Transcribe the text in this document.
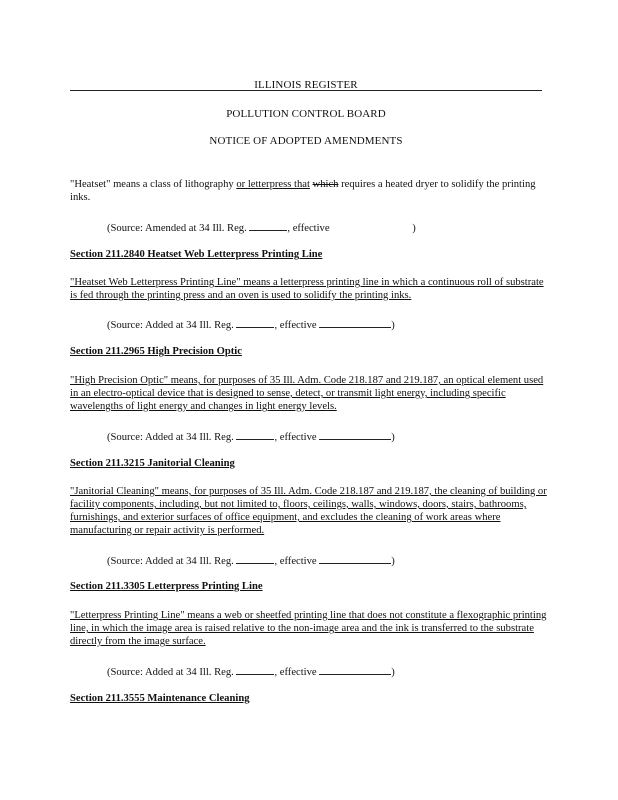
ILLINOIS REGISTER
POLLUTION CONTROL BOARD
NOTICE OF ADOPTED AMENDMENTS
"Heatset" means a class of lithography or letterpress that which requires a heated dryer to solidify the printing inks.
(Source: Amended at 34 Ill. Reg.	, effective	)
Section 211.2840 Heatset Web Letterpress Printing Line
"Heatset Web Letterpress Printing Line" means a letterpress printing line in which a continuous roll of substrate is fed through the printing press and an oven is used to solidify the printing inks.
(Source: Added at 34 Ill. Reg.	, effective	)
Section 211.2965 High Precision Optic
"High Precision Optic" means, for purposes of 35 Ill. Adm. Code 218.187 and 219.187, an optical element used in an electro-optical device that is designed to sense, detect, or transmit light energy, including specific wavelengths of light energy and changes in light energy levels.
(Source: Added at 34 Ill. Reg.	, effective	)
Section 211.3215 Janitorial Cleaning
"Janitorial Cleaning" means, for purposes of 35 Ill. Adm. Code 218.187 and 219.187, the cleaning of building or facility components, including, but not limited to, floors, ceilings, walls, windows, doors, stairs, bathrooms, furnishings, and exterior surfaces of office equipment, and excludes the cleaning of work areas where manufacturing or repair activity is performed.
(Source: Added at 34 Ill. Reg.	, effective	)
Section 211.3305 Letterpress Printing Line
"Letterpress Printing Line" means a web or sheetfed printing line that does not constitute a flexographic printing line, in which the image area is raised relative to the non-image area and the ink is transferred to the substrate directly from the image surface.
(Source: Added at 34 Ill. Reg.	, effective	)
Section 211.3555 Maintenance Cleaning
